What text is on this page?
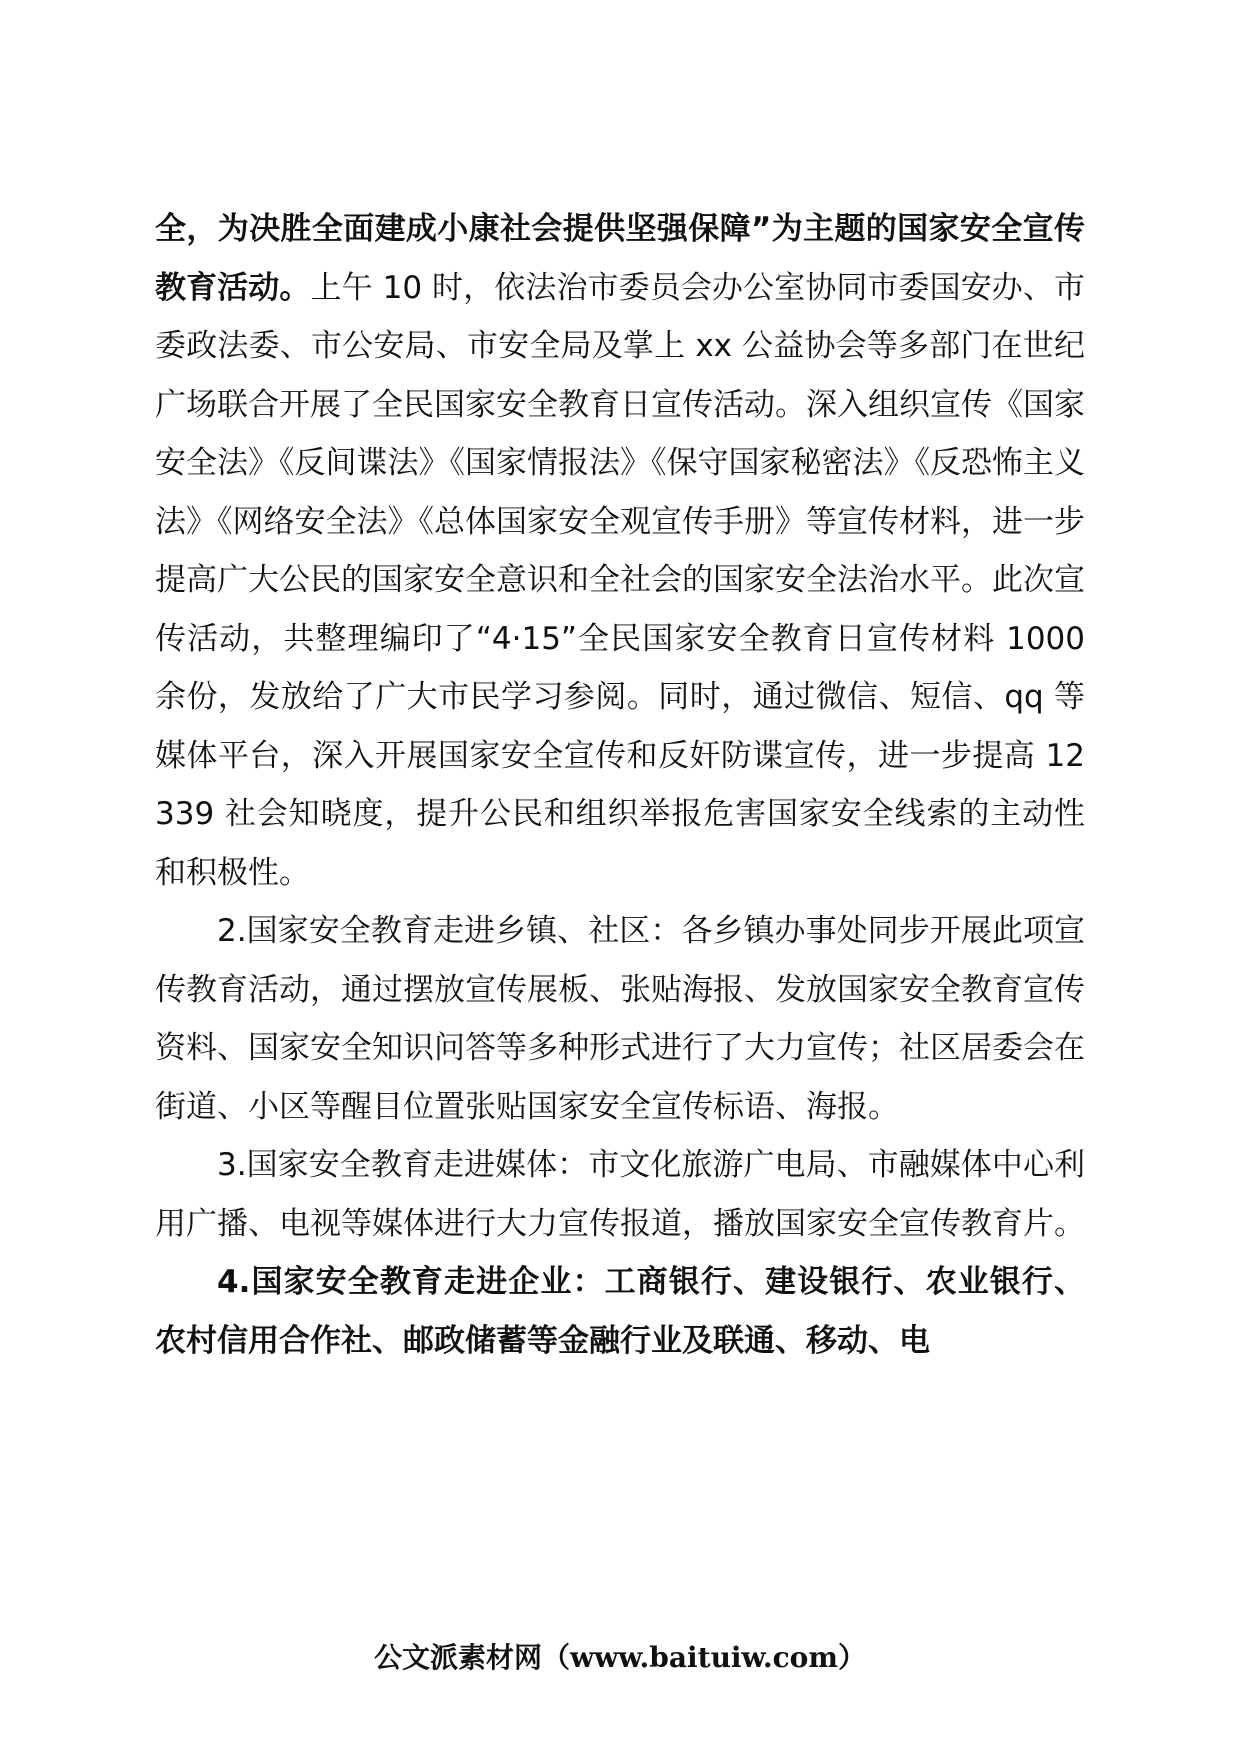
全，为决胜全面建成小康社会提供坚强保障”为主题的国家安全宣传教育活动。上午 10 时，依法治市委员会办公室协同市委国安办、市委政法委、市公安局、市安全局及掌上 xx 公益协会等多部门在世纪广场联合开展了全民国家安全教育日宣传活动。深入组织宣传《国家安全法》《反间谍法》《国家情报法》《保守国家秘密法》《反恐怖主义法》《网络安全法》《总体国家安全观宣传手册》等宣传材料，进一步提高广大公民的国家安全意识和全社会的国家安全法治水平。此次宣传活动，共整理编印了“4·15”全民国家安全教育日宣传材料 1000 余份，发放给了广大市民学习参阅。同时，通过微信、短信、qq 等媒体平台，深入开展国家安全宣传和反奸防谍宣传，进一步提高 12339 社会知晓度，提升公民和组织举报危害国家安全线索的主动性和积极性。

2.国家安全教育走进乡镇、社区：各乡镇办事处同步开展此项宣传教育活动，通过摆放宣传展板、张贴海报、发放国家安全教育宣传资料、国家安全知识问答等多种形式进行了大力宣传；社区居委会在街道、小区等醒目位置张贴国家安全宣传标语、海报。

3.国家安全教育走进媒体：市文化旅游广电局、市融媒体中心利用广播、电视等媒体进行大力宣传报道，播放国家安全宣传教育片。

4.国家安全教育走进企业：工商银行、建设银行、农业银行、农村信用合作社、邮政储蓄等金融行业及联通、移动、电

公文派素材网（www.baituiw.com）
